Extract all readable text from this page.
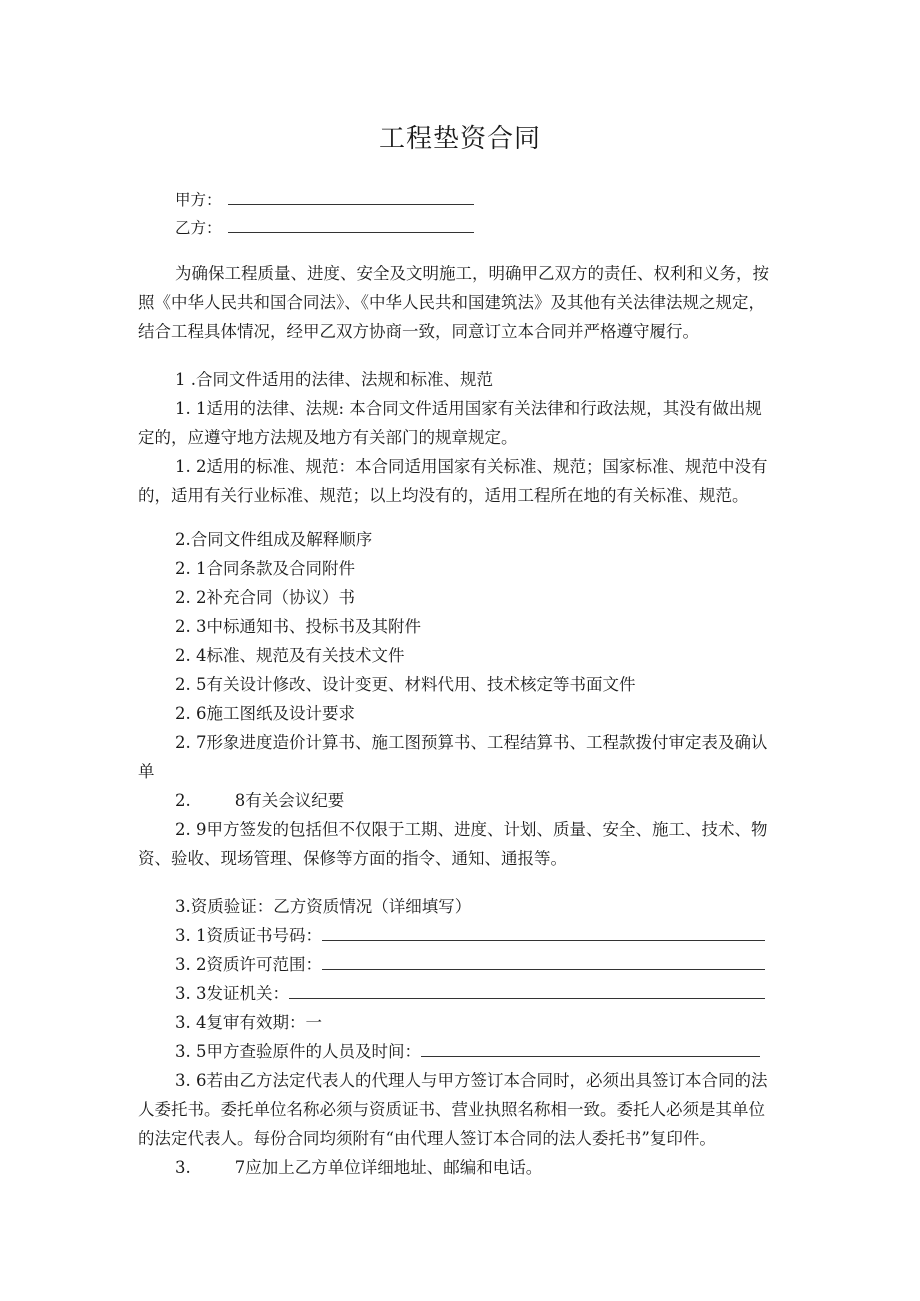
工程垫资合同
甲方：
乙方：
为确保工程质量、进度、安全及文明施工，明确甲乙双方的责任、权利和义务，按
照《中华人民共和国合同法》、《中华人民共和国建筑法》及其他有关法律法规之规定，
结合工程具体情况，经甲乙双方协商一致，同意订立本合同并严格遵守履行。
1 .合同文件适用的法律、法规和标准、规范
1. 1适用的法律、法规: 本合同文件适用国家有关法律和行政法规，其没有做出规
定的，应遵守地方法规及地方有关部门的规章规定。
1. 2适用的标准、规范：本合同适用国家有关标准、规范；国家标准、规范中没有
的，适用有关行业标准、规范；以上均没有的，适用工程所在地的有关标准、规范。
2.合同文件组成及解释顺序
2. 1合同条款及合同附件
2. 2补充合同（协议）书
2. 3中标通知书、投标书及其附件
2. 4标准、规范及有关技术文件
2. 5有关设计修改、设计变更、材料代用、技术核定等书面文件
2. 6施工图纸及设计要求
2. 7形象进度造价计算书、施工图预算书、工程结算书、工程款拨付审定表及确认
单
2.	8有关会议纪要
2. 9甲方签发的包括但不仅限于工期、进度、计划、质量、安全、施工、技术、物
资、验收、现场管理、保修等方面的指令、通知、通报等。
3.资质验证：乙方资质情况（详细填写）
3. 1资质证书号码：
3. 2资质许可范围：
3. 3发证机关：
3. 4复审有效期：一
3. 5甲方查验原件的人员及时间：
3. 6若由乙方法定代表人的代理人与甲方签订本合同时，必须出具签订本合同的法
人委托书。委托单位名称必须与资质证书、营业执照名称相一致。委托人必须是其单位
的法定代表人。每份合同均须附有“由代理人签订本合同的法人委托书”复印件。
3.	7应加上乙方单位详细地址、邮编和电话。
